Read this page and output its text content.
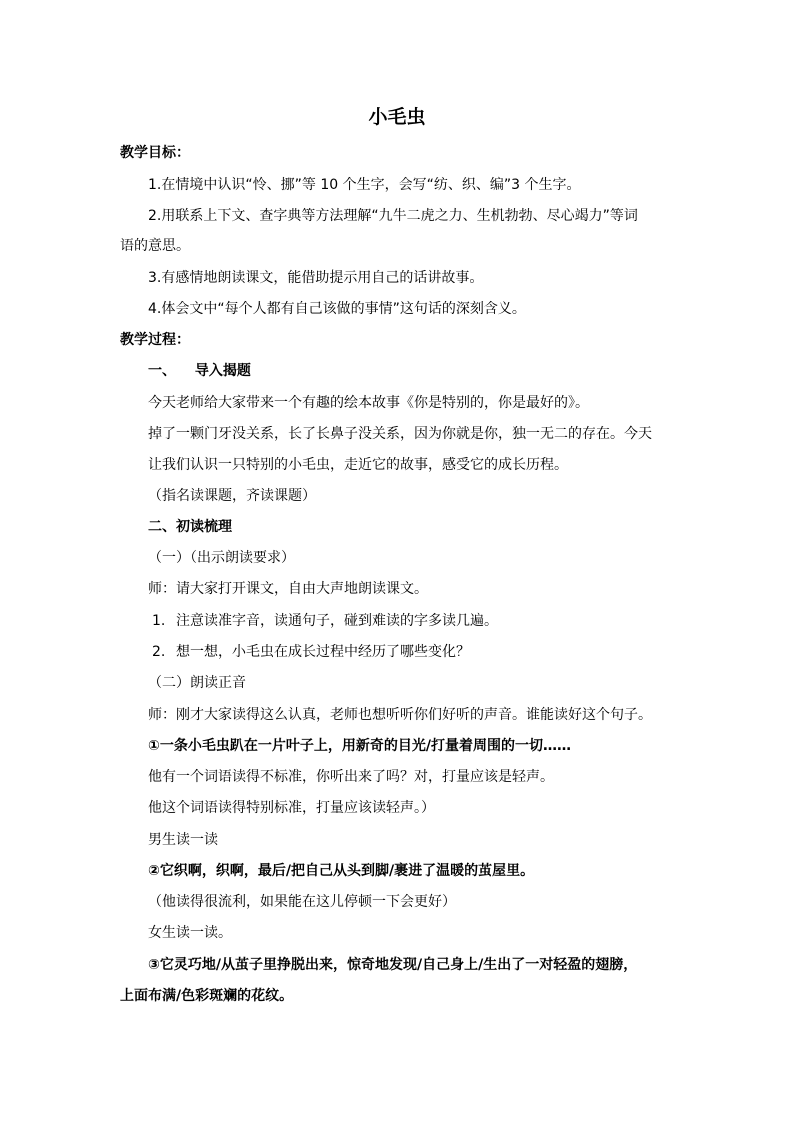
小毛虫
教学目标：
1.在情境中认识“怜、挪”等 10 个生字，会写“纺、织、编”3 个生字。
2.用联系上下文、查字典等方法理解“九牛二虎之力、生机勃勃、尽心竭力”等词
语的意思。
3.有感情地朗读课文，能借助提示用自己的话讲故事。
4.体会文中“每个人都有自己该做的事情”这句话的深刻含义。
教学过程：
一、 导入揭题
今天老师给大家带来一个有趣的绘本故事《你是特别的，你是最好的》。
掉了一颗门牙没关系，长了长鼻子没关系，因为你就是你，独一无二的存在。今天
让我们认识一只特别的小毛虫，走近它的故事，感受它的成长历程。
（指名读课题，齐读课题）
二、初读梳理
（一）（出示朗读要求）
师：请大家打开课文，自由大声地朗读课文。
1. 注意读准字音，读通句子，碰到难读的字多读几遍。
2. 想一想，小毛虫在成长过程中经历了哪些变化？
（二）朗读正音
师：刚才大家读得这么认真，老师也想听听你们好听的声音。谁能读好这个句子。
①一条小毛虫趴在一片叶子上，用新奇的目光/打量着周围的一切……
他有一个词语读得不标准，你听出来了吗？对，打量应该是轻声。
他这个词语读得特别标准，打量应该读轻声。）
男生读一读
②它织啊，织啊，最后/把自己从头到脚/裹进了温暖的茧屋里。
（他读得很流利，如果能在这儿停顿一下会更好）
女生读一读。
③它灵巧地/从茧子里挣脱出来，惊奇地发现/自己身上/生出了一对轻盈的翅膀，
上面布满/色彩斑斓的花纹。
